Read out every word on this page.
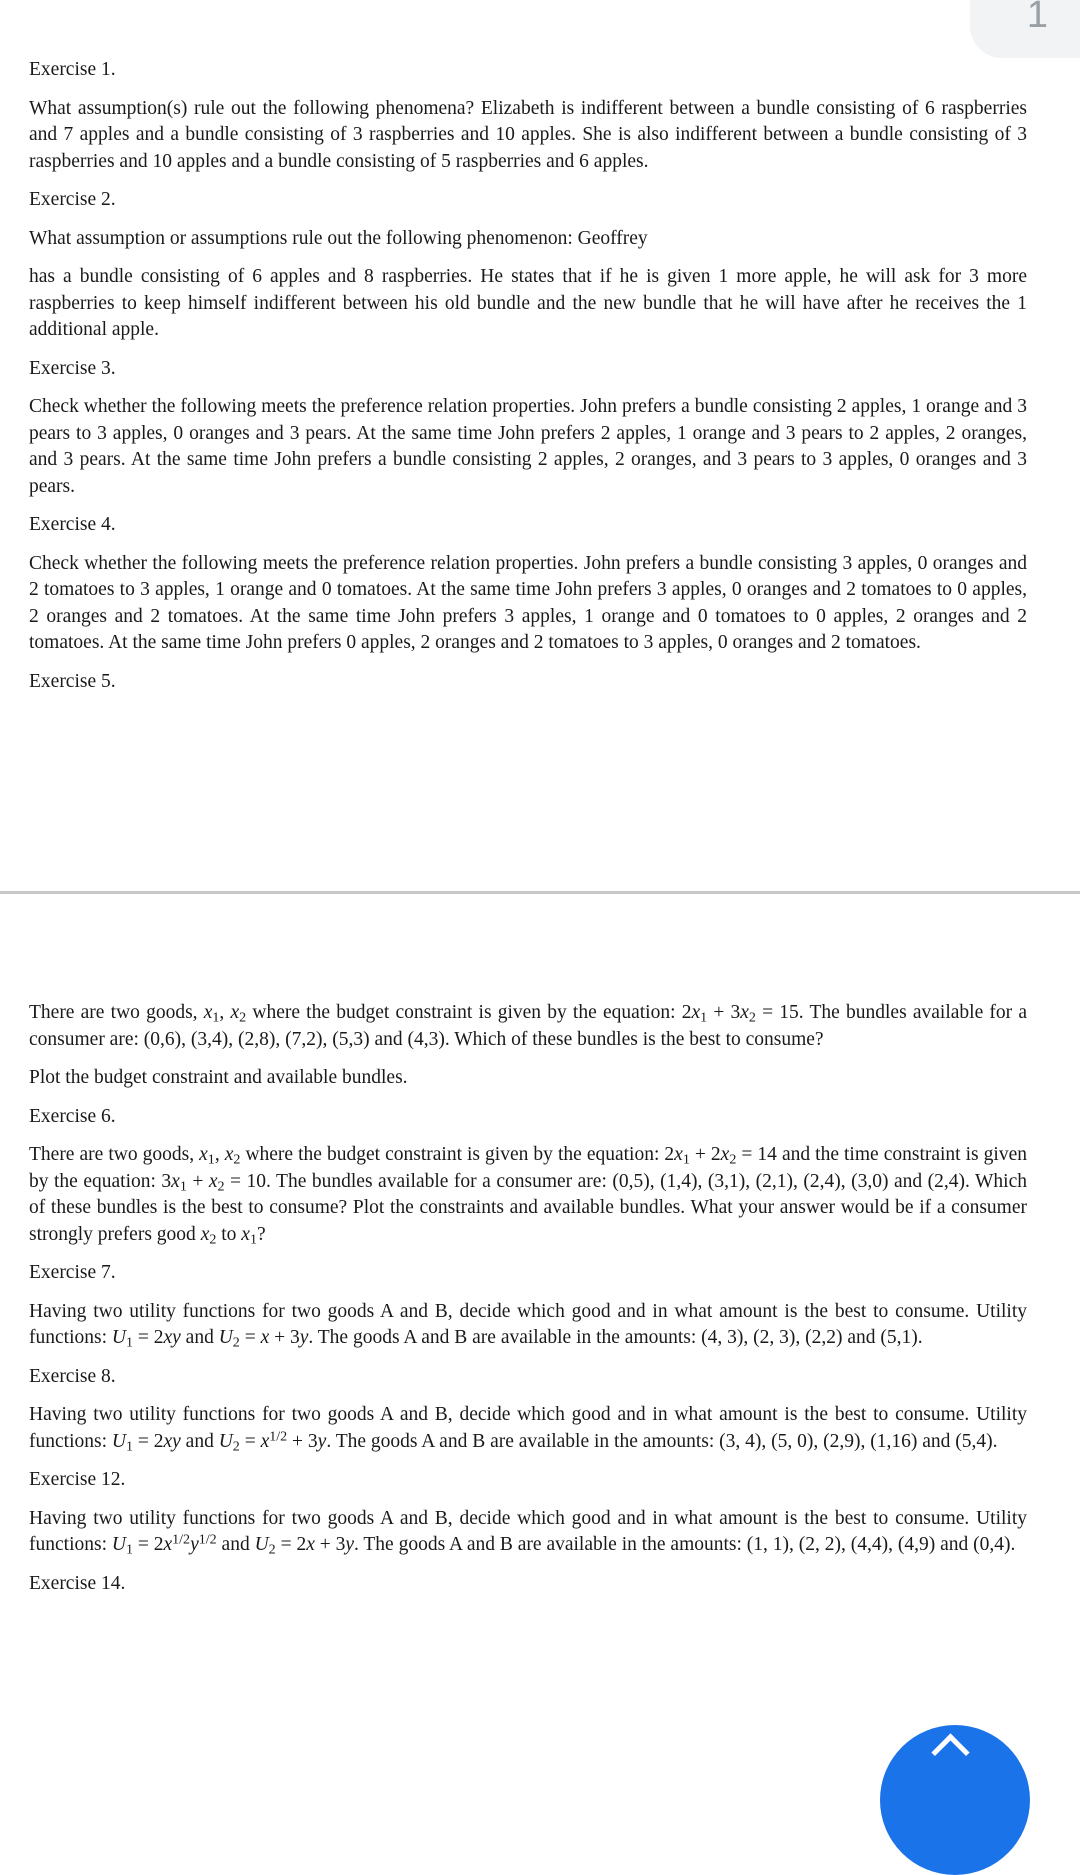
1

Exercise 1.

What assumption(s) rule out the following phenomena? Elizabeth is indifferent between a bundle consisting of 6 raspberries and 7 apples and a bundle consisting of 3 raspberries and 10 apples. She is also indifferent between a bundle consisting of 3 raspberries and 10 apples and a bundle consisting of 5 raspberries and 6 apples.

Exercise 2.

What assumption or assumptions rule out the following phenomenon: Geoffrey

has a bundle consisting of 6 apples and 8 raspberries. He states that if he is given 1 more apple, he will ask for 3 more raspberries to keep himself indifferent between his old bundle and the new bundle that he will have after he receives the 1 additional apple.

Exercise 3.

Check whether the following meets the preference relation properties. John prefers a bundle consisting 2 apples, 1 orange and 3 pears to 3 apples, 0 oranges and 3 pears. At the same time John prefers 2 apples, 1 orange and 3 pears to 2 apples, 2 oranges, and 3 pears. At the same time John prefers a bundle consisting 2 apples, 2 oranges, and 3 pears to 3 apples, 0 oranges and 3 pears.

Exercise 4.

Check whether the following meets the preference relation properties. John prefers a bundle consisting 3 apples, 0 oranges and 2 tomatoes to 3 apples, 1 orange and 0 tomatoes. At the same time John prefers 3 apples, 0 oranges and 2 tomatoes to 0 apples, 2 oranges and 2 tomatoes. At the same time John prefers 3 apples, 1 orange and 0 tomatoes to 0 apples, 2 oranges and 2 tomatoes. At the same time John prefers 0 apples, 2 oranges and 2 tomatoes to 3 apples, 0 oranges and 2 tomatoes.

Exercise 5.

There are two goods, $x_1$, $x_2$ where the budget constraint is given by the equation: $2x_1 + 3x_2 = 15$. The bundles available for a consumer are: (0,6), (3,4), (2,8), (7,2), (5,3) and (4,3). Which of these bundles is the best to consume?

Plot the budget constraint and available bundles.

Exercise 6.

There are two goods, $x_1$, $x_2$ where the budget constraint is given by the equation: $2x_1 + 2x_2 = 14$ and the time constraint is given by the equation: $3x_1 + x_2 = 10$. The bundles available for a consumer are: (0,5), (1,4), (3,1), (2,1), (2,4), (3,0) and (2,4). Which of these bundles is the best to consume? Plot the constraints and available bundles. What your answer would be if a consumer strongly prefers good $x_2$ to $x_1$?

Exercise 7.

Having two utility functions for two goods A and B, decide which good and in what amount is the best to consume. Utility functions: $U_1 = 2xy$ and $U_2 = x + 3y$. The goods A and B are available in the amounts: (4, 3), (2, 3), (2,2) and (5,1).

Exercise 8.

Having two utility functions for two goods A and B, decide which good and in what amount is the best to consume. Utility functions: $U_1 = 2xy$ and $U_2 = x^{1/2} + 3y$. The goods A and B are available in the amounts: (3, 4), (5, 0), (2,9), (1,16) and (5,4).

Exercise 12.

Having two utility functions for two goods A and B, decide which good and in what amount is the best to consume. Utility functions: $U_1 = 2x^{1/2}y^{1/2}$ and $U_2 = 2x + 3y$. The goods A and B are available in the amounts: (1, 1), (2, 2), (4,4), (4,9) and (0,4).

Exercise 14.
